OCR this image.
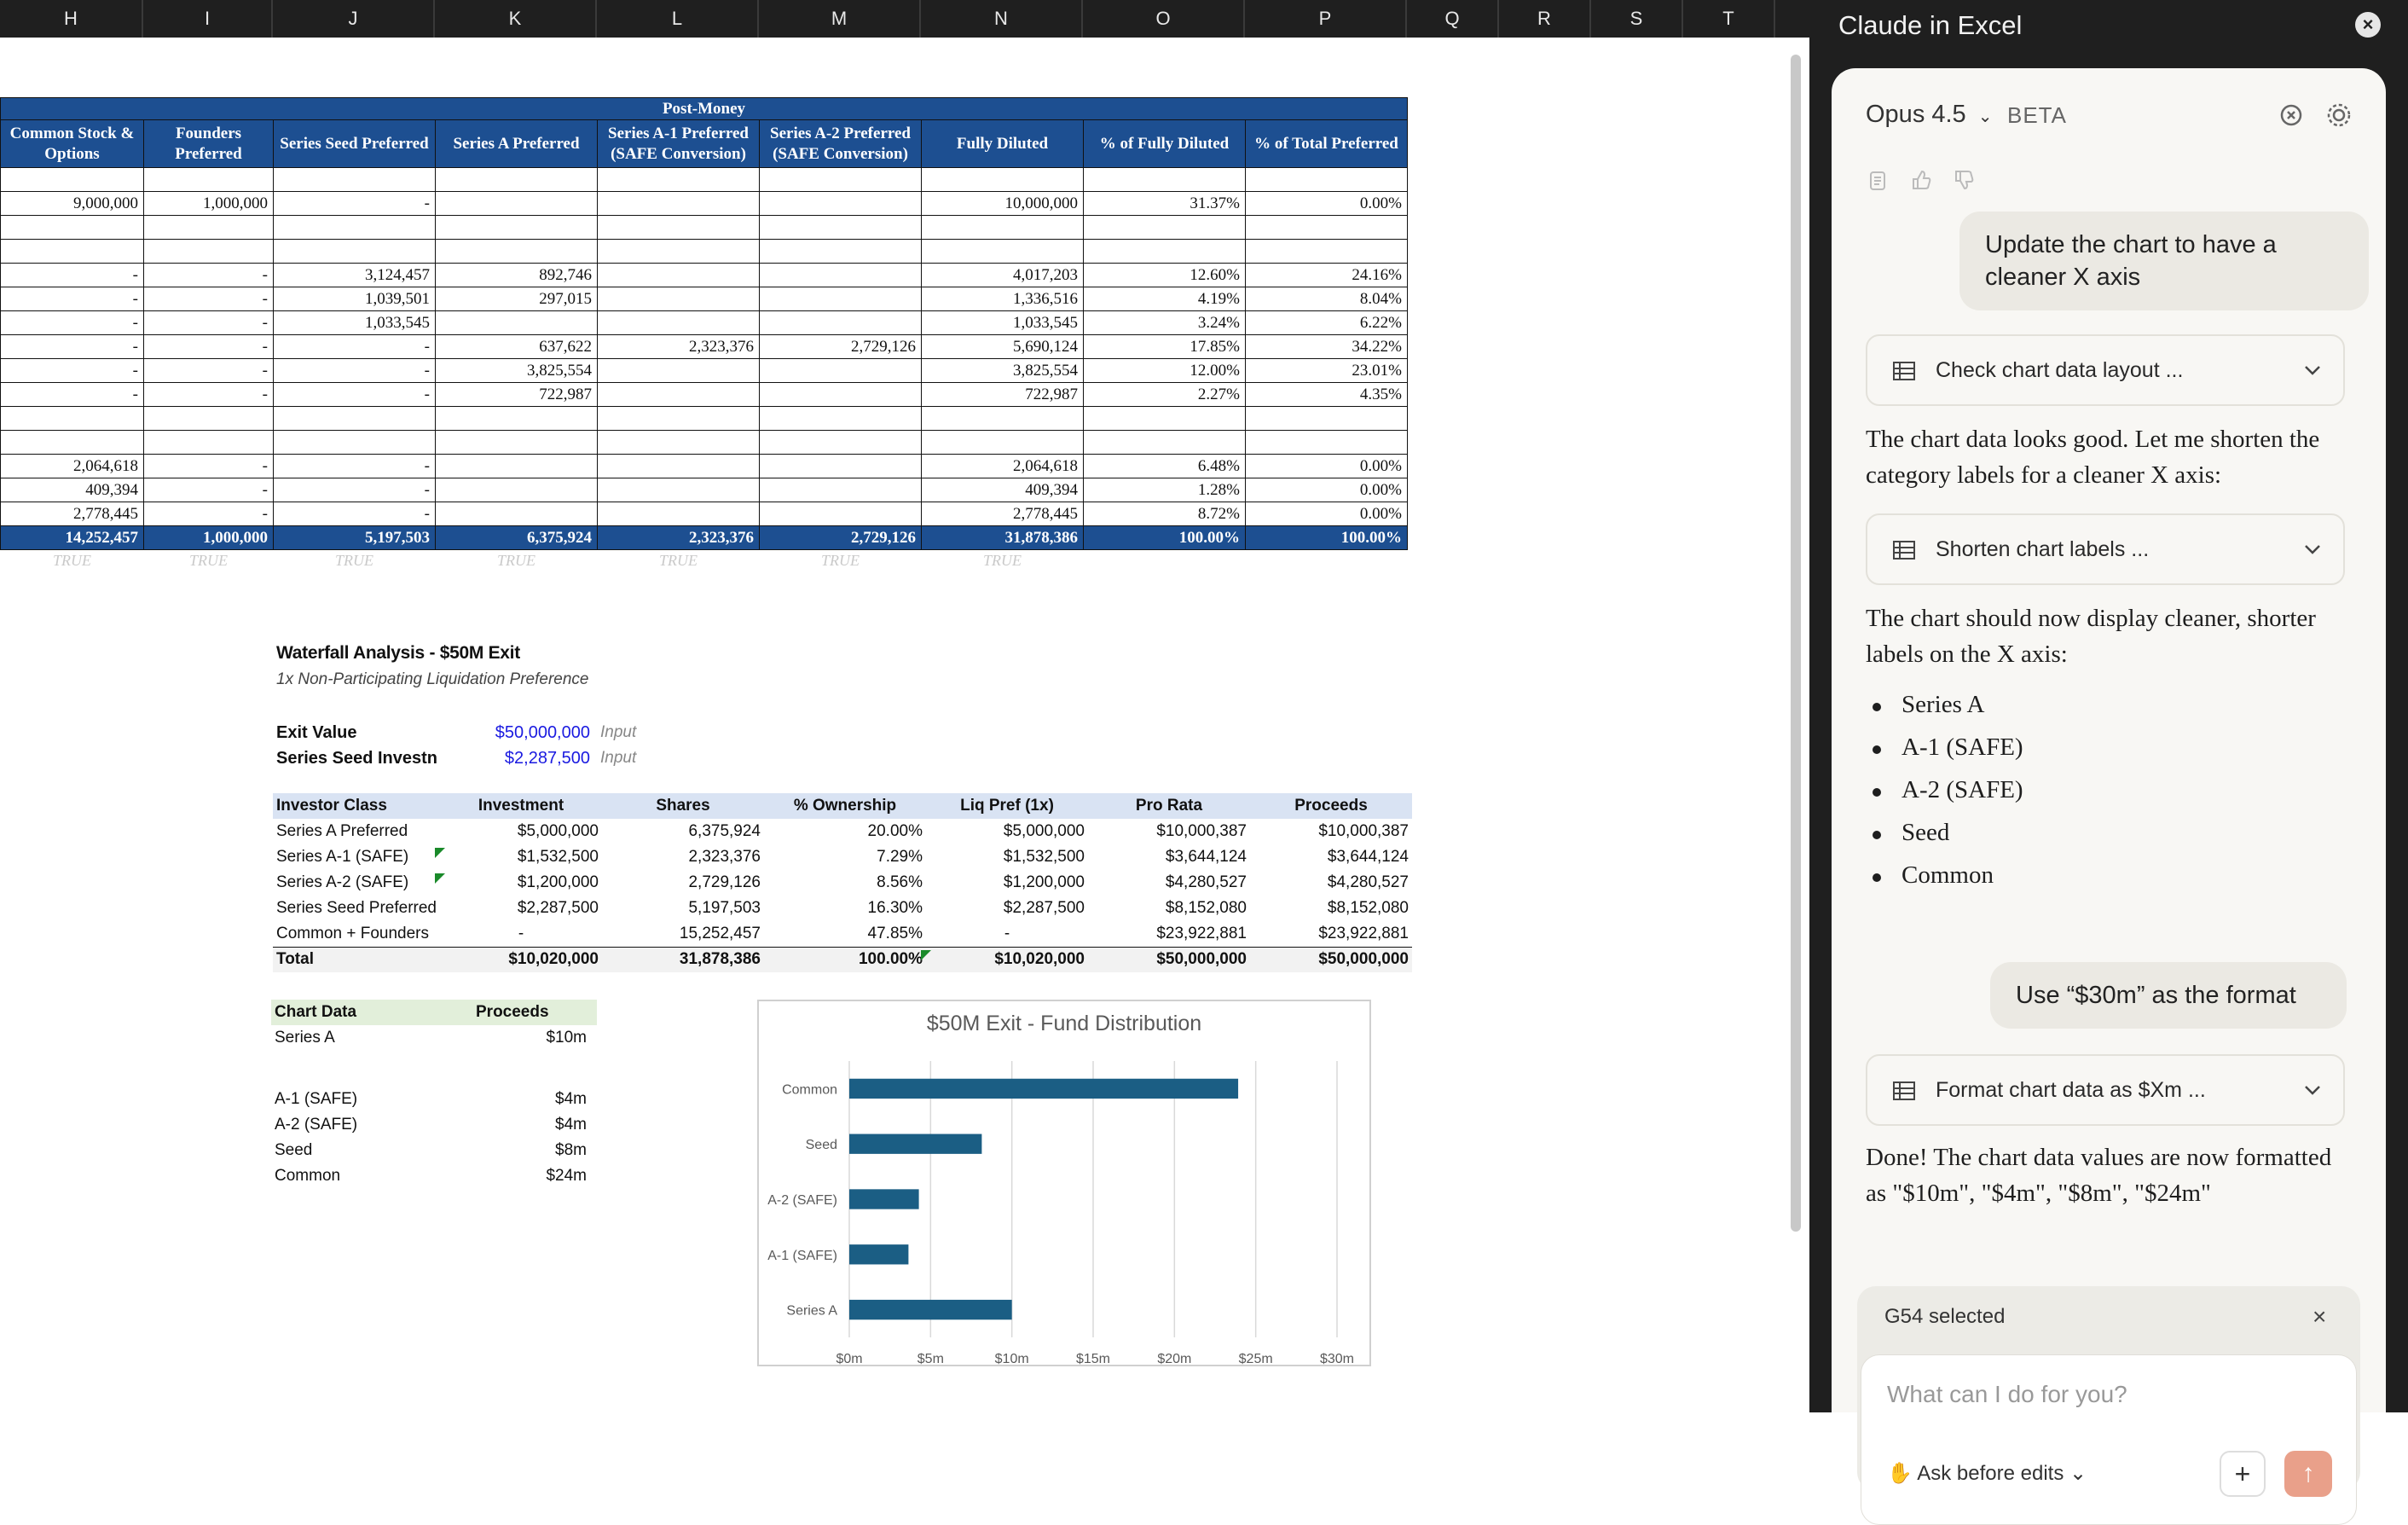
H	I	J	K	L	M	N	O	P	Q	R	S	T
Post-Money								
Common Stock & Options	Founders Preferred	Series Seed Preferred	Series A Preferred	Series A-1 Preferred (SAFE Conversion)	Series A-2 Preferred (SAFE Conversion)	Fully Diluted	% of Fully Diluted	% of Total Preferred

9,000,000	1,000,000	-				10,000,000	31.37%	0.00%

-	-	3,124,457	892,746			4,017,203	12.60%	24.16%
-	-	1,039,501	297,015			1,336,516	4.19%	8.04%
-	-	1,033,545				1,033,545	3.24%	6.22%
-	-	-	637,622	2,323,376	2,729,126	5,690,124	17.85%	34.22%
-	-	-	3,825,554			3,825,554	12.00%	23.01%
-	-	-	722,987			722,987	2.27%	4.35%

2,064,618	-	-				2,064,618	6.48%	0.00%
409,394	-	-				409,394	1.28%	0.00%
2,778,445	-	-				2,778,445	8.72%	0.00%
14,252,457	1,000,000	5,197,503	6,375,924	2,323,376	2,729,126	31,878,386	100.00%	100.00%
TRUE	TRUE	TRUE	TRUE	TRUE	TRUE	TRUE		
Waterfall Analysis - $50M Exit
1x Non-Participating Liquidation Preference
Exit Value	$50,000,000 Input
Series Seed Investn	$2,287,500 Input
Investor Class	Investment	Shares	% Ownership	Liq Pref (1x)	Pro Rata	Proceeds
Series A Preferred	$5,000,000	6,375,924	20.00%	$5,000,000	$10,000,387	$10,000,387
Series A-1 (SAFE)	$1,532,500	2,323,376	7.29%	$1,532,500	$3,644,124	$3,644,124
Series A-2 (SAFE)	$1,200,000	2,729,126	8.56%	$1,200,000	$4,280,527	$4,280,527
Series Seed Preferred	$2,287,500	5,197,503	16.30%	$2,287,500	$8,152,080	$8,152,080
Common + Founders	-	15,252,457	47.85%	-	$23,922,881	$23,922,881
Total	$10,020,000	31,878,386	100.00%	$10,020,000	$50,000,000	$50,000,000
Chart Data	Proceeds
Series A	$10m
A-1 (SAFE)	$4m
A-2 (SAFE)	$4m
Seed	$8m
Common	$24m
$50M Exit - Fund Distribution
$0m	$5m	$10m	$15m	$20m	$25m	$30m
Series A
A-1 (SAFE)
A-2 (SAFE)
Seed
Common
Claude in Excel	×
Opus 4.5 ⌄ BETA
Update the chart to have a cleaner X axis
Check chart data layout ...
The chart data looks good. Let me shorten the category labels for a cleaner X axis:
Shorten chart labels ...
The chart should now display cleaner, shorter labels on the X axis:
Series A
A-1 (SAFE)
A-2 (SAFE)
Seed
Common
Use “$30m” as the format
Format chart data as $Xm ...
Done! The chart data values are now formatted as "$10m", "$4m", "$8m", "$24m"
G54 selected	×
What can I do for you?
✋ Ask before edits ⌄	+	↑
